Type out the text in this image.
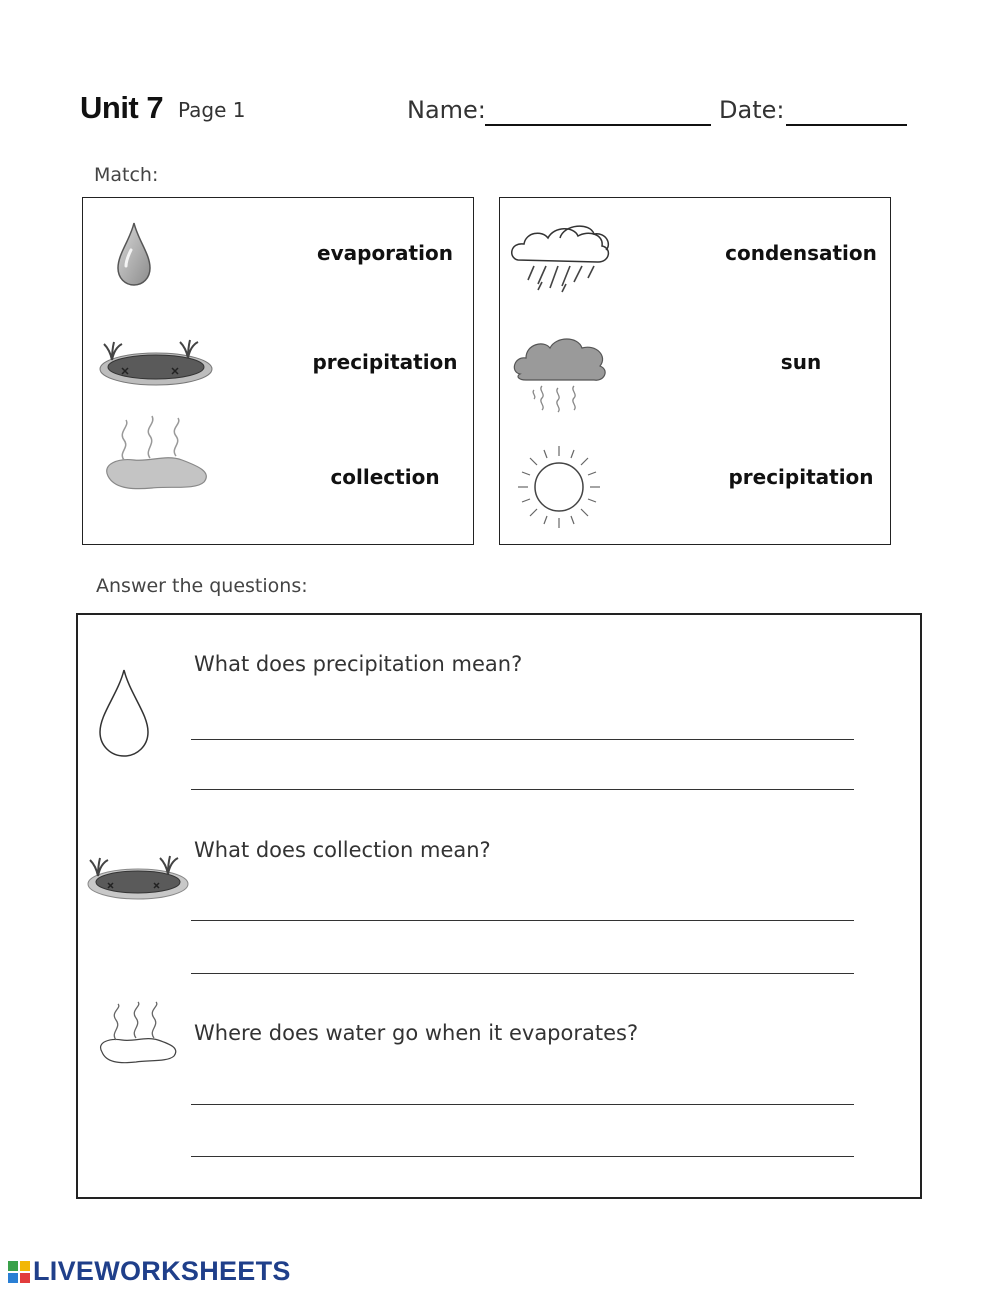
Unit 7 Page 1	Name:	Date:
Match:
evaporation
precipitation
collection
condensation
sun
precipitation
Answer the questions:
What does precipitation mean?
What does collection mean?
Where does water go when it evaporates?
LIVEWORKSHEETS
